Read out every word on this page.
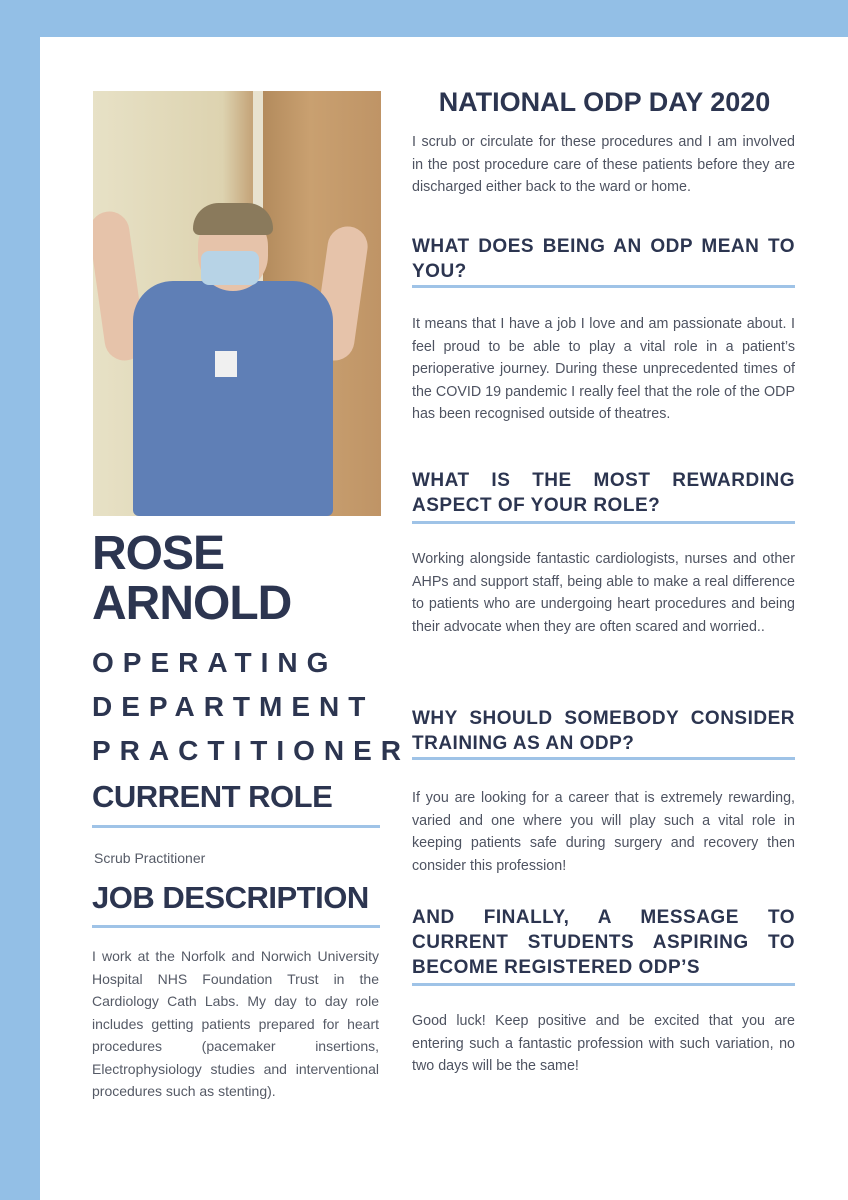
ROSE
ARNOLD
OPERATING
DEPARTMENT
PRACTITIONER
CURRENT ROLE
Scrub Practitioner
JOB DESCRIPTION
I work at the Norfolk and Norwich University Hospital NHS Foundation Trust in the Cardiology Cath Labs. My day to day role includes getting patients prepared for heart procedures (pacemaker insertions, Electrophysiology studies and interventional procedures such as stenting).
NATIONAL ODP DAY 2020
I scrub or circulate for these procedures and I am involved in the post procedure care of these patients before they are discharged either back to the ward or home.
WHAT DOES BEING AN ODP MEAN TO YOU?
It means that I have a job I love and am passionate about. I feel proud to be able to play a vital role in a patient’s perioperative journey. During these unprecedented times of the COVID 19 pandemic I really feel that the role of the ODP has been recognised outside of theatres.
WHAT IS THE MOST REWARDING ASPECT OF YOUR ROLE?
Working alongside fantastic cardiologists, nurses and other AHPs and support staff, being able to make a real difference to patients who are undergoing heart procedures and being their advocate when they are often scared and worried..
WHY SHOULD SOMEBODY CONSIDER TRAINING AS AN ODP?
If you are looking for a career that is extremely rewarding, varied and one where you will play such a vital role in keeping patients safe during surgery and recovery then consider this profession!
AND FINALLY, A MESSAGE TO CURRENT STUDENTS ASPIRING TO BECOME REGISTERED ODP’S
Good luck! Keep positive and be excited that you are entering such a fantastic profession with such variation, no two days will be the same!
